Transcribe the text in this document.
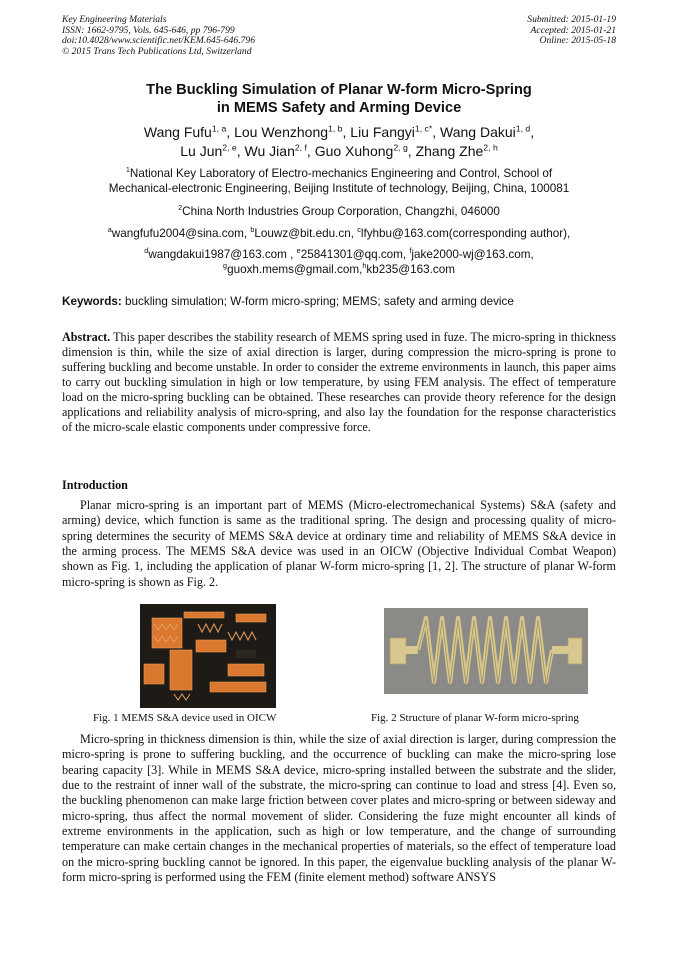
Key Engineering Materials
ISSN: 1662-9795, Vols. 645-646, pp 796-799
doi:10.4028/www.scientific.net/KEM.645-646.796
© 2015 Trans Tech Publications Ltd, Switzerland
Submitted: 2015-01-19
Accepted: 2015-01-21
Online: 2015-05-18
The Buckling Simulation of Planar W-form Micro-Spring
in MEMS Safety and Arming Device
Wang Fufu$^{1, a}$, Lou Wenzhong$^{1, b}$, Liu Fangyi$^{1, c*}$, Wang Dakui$^{1, d}$,
Lu Jun$^{2, e}$, Wu Jian$^{2, f}$, Guo Xuhong$^{2, g}$, Zhang Zhe$^{2, h}$
$^1$National Key Laboratory of Electro-mechanics Engineering and Control, School of
Mechanical-electronic Engineering, Beijing Institute of technology, Beijing, China, 100081
$^2$China North Industries Group Corporation, Changzhi, 046000
$^a$wangfufu2004@sina.com, $^b$Louwz@bit.edu.cn, $^c$lfyhbu@163.com(corresponding author),
$^d$wangdakui1987@163.com , $^e$25841301@qq.com, $^f$jake2000-wj@163.com,
$^g$guoxh.mems@gmail.com,$^h$kb235@163.com
Keywords: buckling simulation; W-form micro-spring; MEMS; safety and arming device
Abstract. This paper describes the stability research of MEMS spring used in fuze. The micro-spring in thickness dimension is thin, while the size of axial direction is larger, during compression the micro-spring is prone to suffering buckling and become unstable. In order to consider the extreme environments in launch, this paper aims to carry out buckling simulation in high or low temperature, by using FEM analysis. The effect of temperature load on the micro-spring buckling can be obtained. These researches can provide theory reference for the design applications and reliability analysis of micro-spring, and also lay the foundation for the response characteristics of the micro-scale elastic components under compressive force.
Introduction

Planar micro-spring is an important part of MEMS (Micro-electromechanical Systems) S&A (safety and arming) device, which function is same as the traditional spring. The design and processing quality of micro-spring determines the security of MEMS S&A device at ordinary time and reliability of MEMS S&A device in the arming process. The MEMS S&A device was used in an OICW (Objective Individual Combat Weapon) shown as Fig. 1, including the application of planar W-form micro-spring [1, 2]. The structure of planar W-form micro-spring is shown as Fig. 2.

Fig. 1 MEMS S&A device used in OICW	Fig. 2 Structure of planar W-form micro-spring

Micro-spring in thickness dimension is thin, while the size of axial direction is larger, during compression the micro-spring is prone to suffering buckling, and the occurrence of buckling can make the micro-spring lose bearing capacity [3]. While in MEMS S&A device, micro-spring installed between the substrate and the slider, due to the restraint of inner wall of the substrate, the micro-spring can continue to load and stress [4]. Even so, the buckling phenomenon can make large friction between cover plates and micro-spring or between sideway and micro-spring, thus affect the normal movement of slider. Considering the fuze might encounter all kinds of extreme environments in the application, such as high or low temperature, and the change of surrounding temperature can make certain changes in the mechanical properties of materials, so the effect of temperature load on the micro-spring buckling cannot be ignored. In this paper, the eigenvalue buckling analysis of the planar W-form micro-spring is performed using the FEM (finite element method) software ANSYS
